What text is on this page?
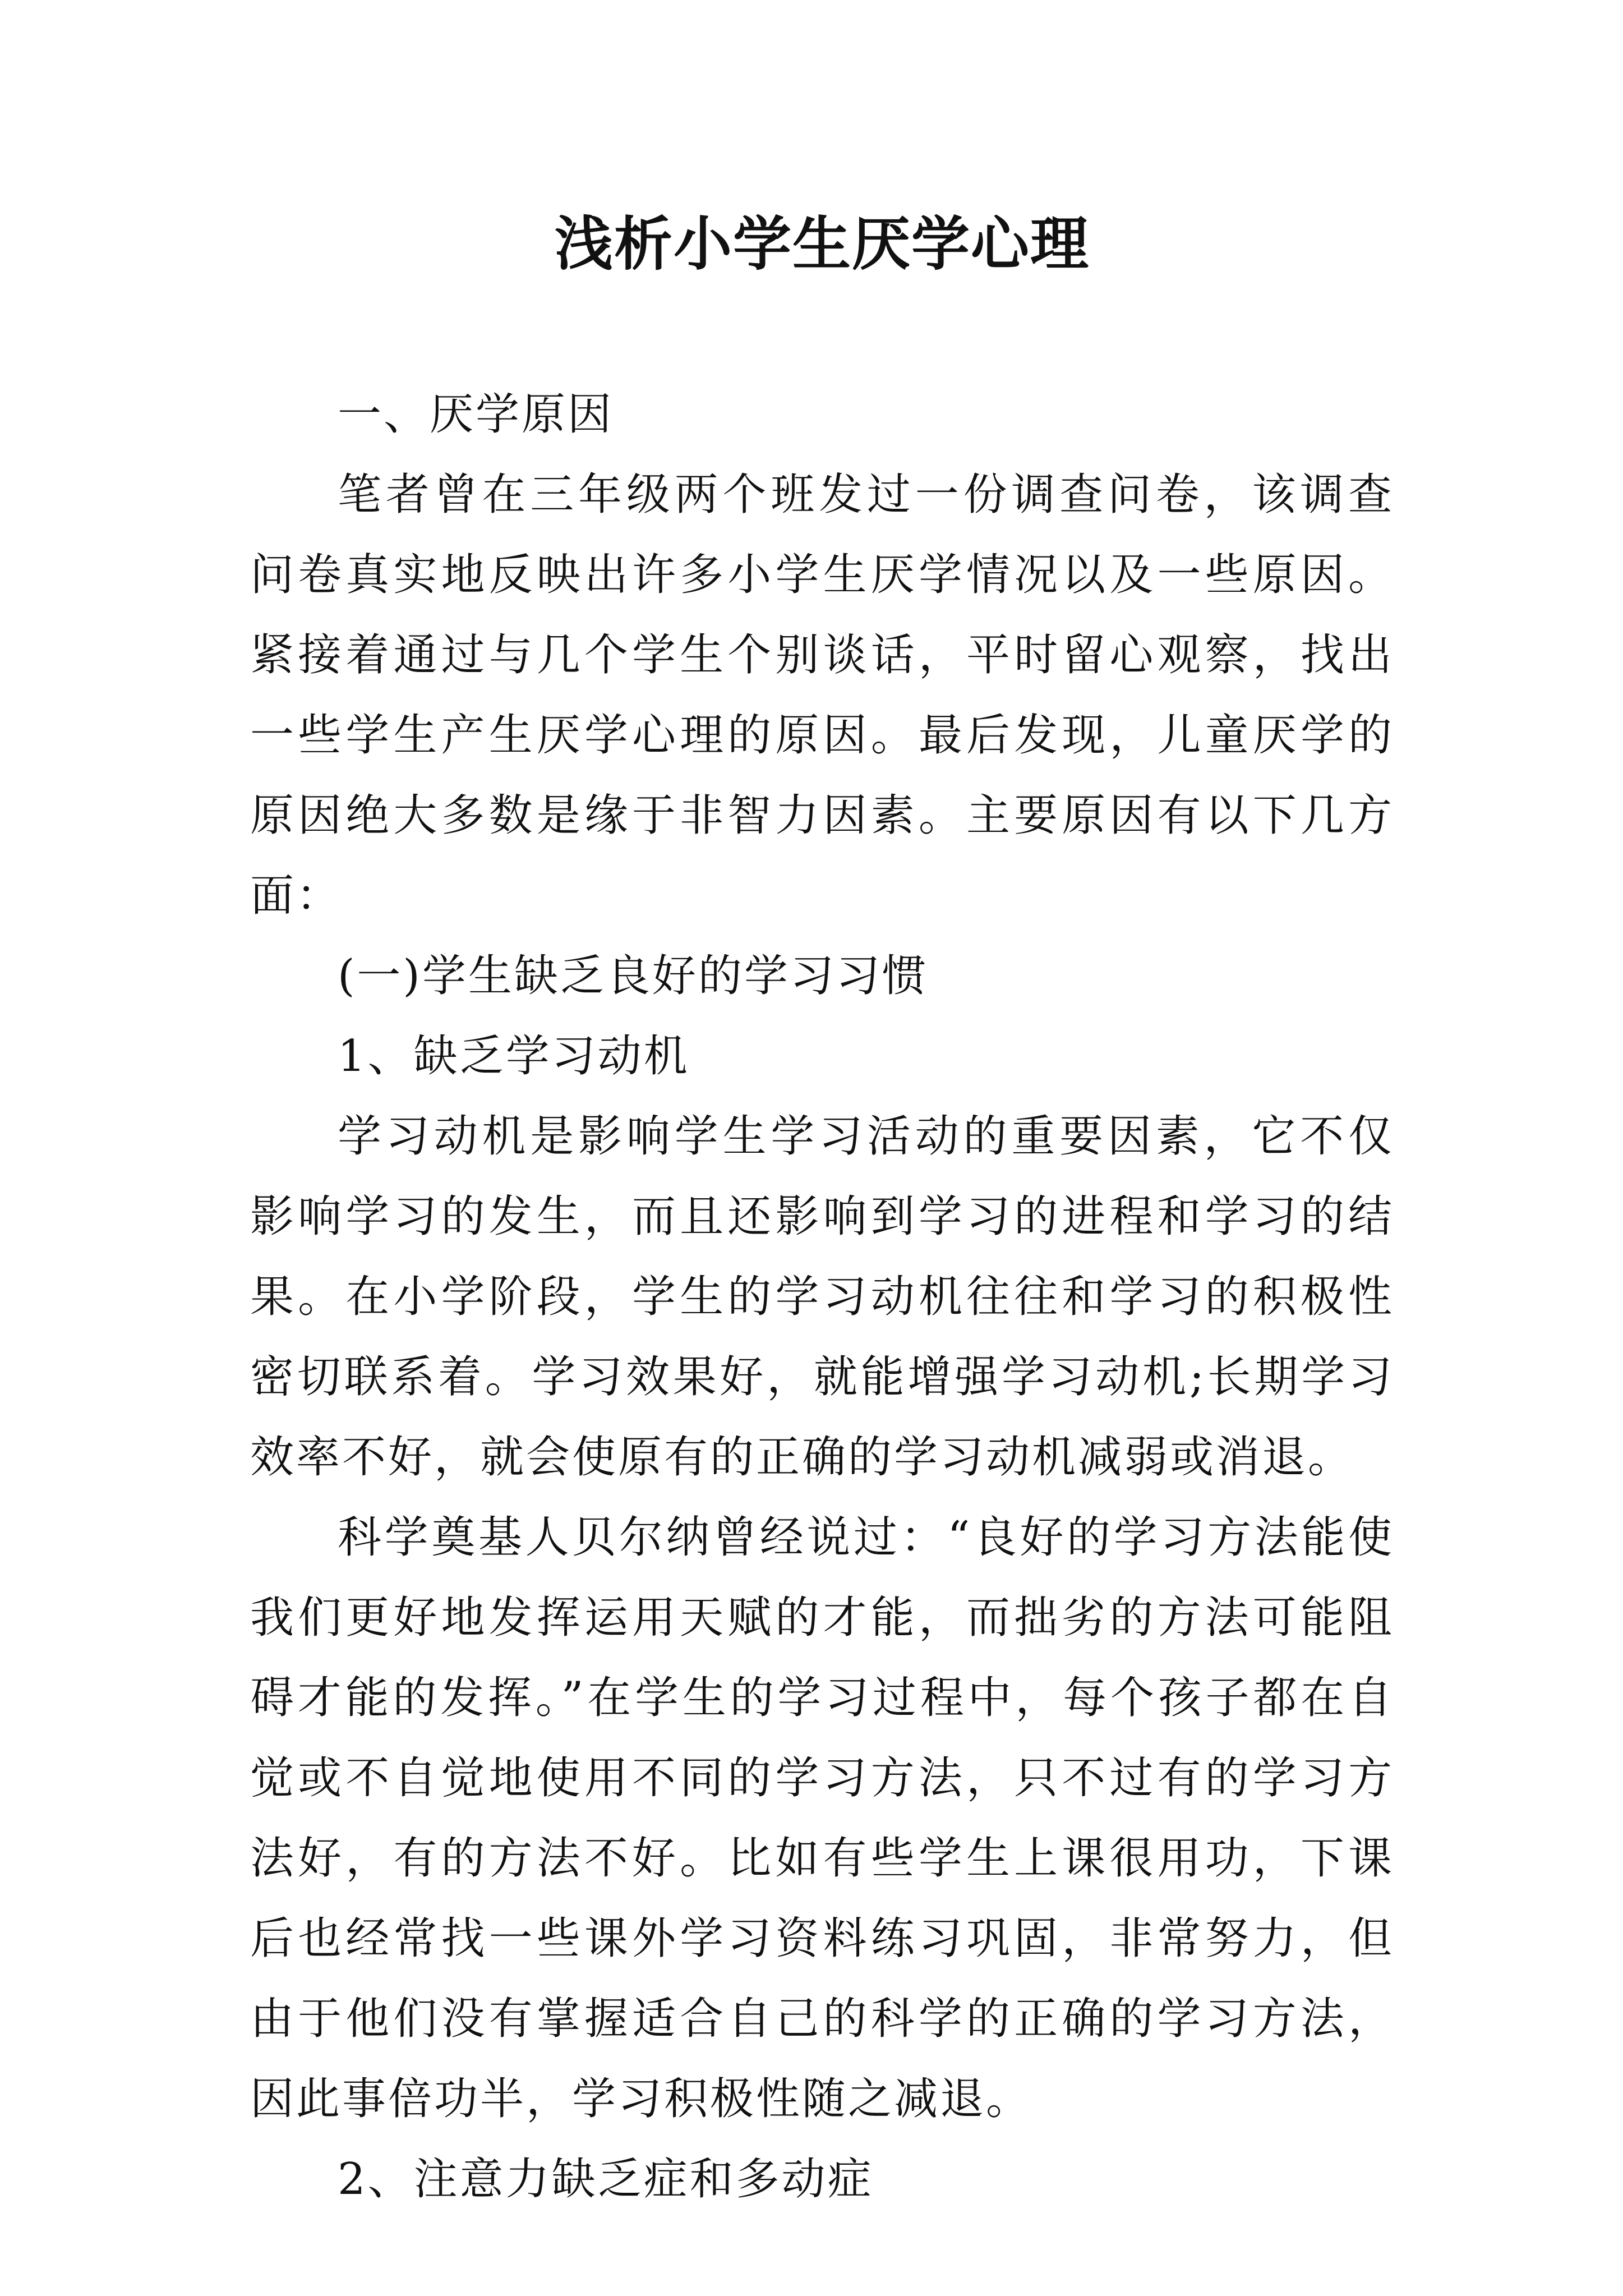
浅析小学生厌学心理

一、厌学原因

笔者曾在三年级两个班发过一份调查问卷，该调查问卷真实地反映出许多小学生厌学情况以及一些原因。紧接着通过与几个学生个别谈话，平时留心观察，找出一些学生产生厌学心理的原因。最后发现，儿童厌学的原因绝大多数是缘于非智力因素。主要原因有以下几方面：

(一)学生缺乏良好的学习习惯

1、缺乏学习动机

学习动机是影响学生学习活动的重要因素，它不仅影响学习的发生，而且还影响到学习的进程和学习的结果。在小学阶段，学生的学习动机往往和学习的积极性密切联系着。学习效果好，就能增强学习动机;长期学习效率不好，就会使原有的正确的学习动机减弱或消退。

科学奠基人贝尔纳曾经说过：“良好的学习方法能使我们更好地发挥运用天赋的才能，而拙劣的方法可能阻碍才能的发挥。”在学生的学习过程中，每个孩子都在自觉或不自觉地使用不同的学习方法，只不过有的学习方法好，有的方法不好。比如有些学生上课很用功，下课后也经常找一些课外学习资料练习巩固，非常努力，但由于他们没有掌握适合自己的科学的正确的学习方法，因此事倍功半，学习积极性随之减退。

2、注意力缺乏症和多动症
